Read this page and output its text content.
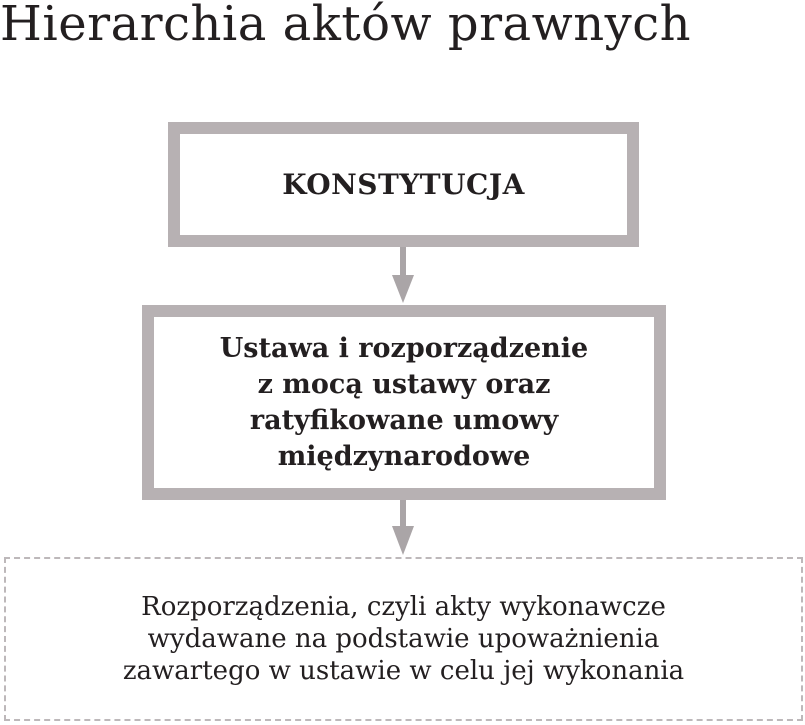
Hierarchia aktów prawnych
KONSTYTUCJA
Ustawa i rozporządzenie
z mocą ustawy oraz
ratyfikowane umowy
międzynarodowe
Rozporządzenia, czyli akty wykonawcze
wydawane na podstawie upoważnienia
zawartego w ustawie w celu jej wykonania
